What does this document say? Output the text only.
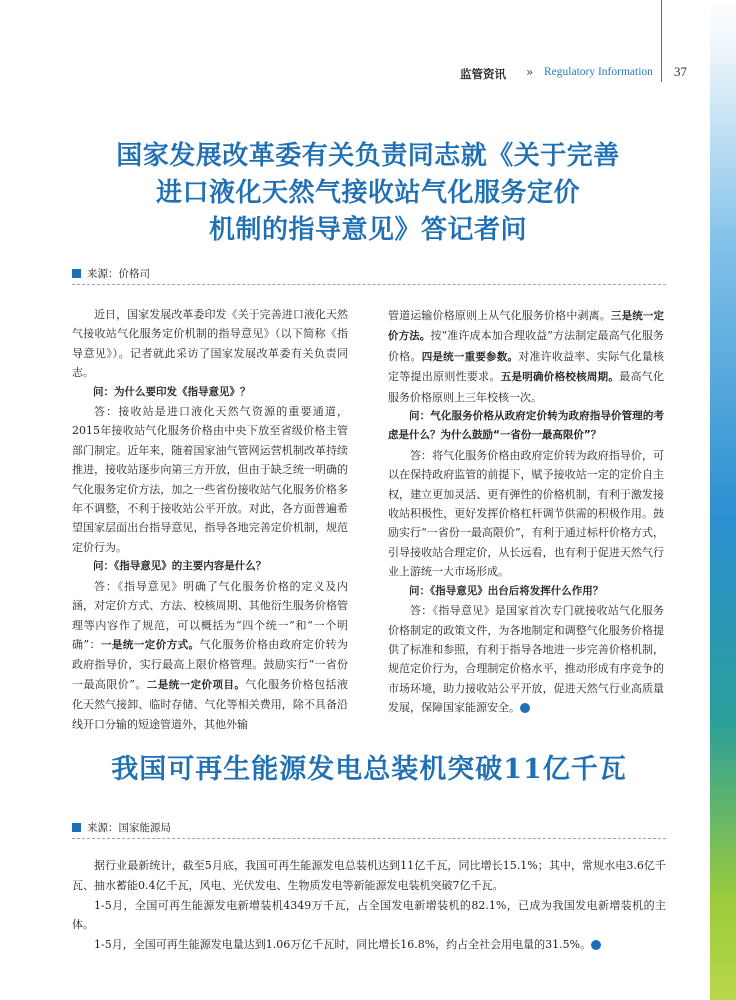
监管资讯 » Regulatory Information 37
国家发展改革委有关负责同志就《关于完善
进口液化天然气接收站气化服务定价
机制的指导意见》答记者问
来源：价格司

近日，国家发展改革委印发《关于完善进口液化天然气接收站气化服务定价机制的指导意见》（以下简称《指导意见》）。记者就此采访了国家发展改革委有关负责同志。

问：为什么要印发《指导意见》？

答：接收站是进口液化天然气资源的重要通道，2015年接收站气化服务价格由中央下放至省级价格主管部门制定。近年来，随着国家油气管网运营机制改革持续推进，接收站逐步向第三方开放，但由于缺乏统一明确的气化服务定价方法，加之一些省份接收站气化服务价格多年不调整，不利于接收站公平开放。对此，各方面普遍希望国家层面出台指导意见，指导各地完善定价机制，规范定价行为。

问：《指导意见》的主要内容是什么？

答：《指导意见》明确了气化服务价格的定义及内涵，对定价方式、方法、校核周期、其他衍生服务价格管理等内容作了规范，可以概括为“四个统一”和“一个明确”：一是统一定价方式。气化服务价格由政府定价转为政府指导价，实行最高上限价格管理。鼓励实行“一省份一最高限价”。二是统一定价项目。气化服务价格包括液化天然气接卸、临时存储、气化等相关费用，除不具备沿线开口分输的短途管道外，其他外输

管道运输价格原则上从气化服务价格中剥离。三是统一定价方法。按“准许成本加合理收益”方法制定最高气化服务价格。四是统一重要参数。对准许收益率、实际气化量核定等提出原则性要求。五是明确价格校核周期。最高气化服务价格原则上三年校核一次。

问：气化服务价格从政府定价转为政府指导价管理的考虑是什么？为什么鼓励“一省份一最高限价”？

答：将气化服务价格由政府定价转为政府指导价，可以在保持政府监管的前提下，赋予接收站一定的定价自主权，建立更加灵活、更有弹性的价格机制，有利于激发接收站积极性，更好发挥价格杠杆调节供需的积极作用。鼓励实行“一省份一最高限价”，有利于通过标杆价格方式，引导接收站合理定价，从长远看，也有利于促进天然气行业上游统一大市场形成。

问：《指导意见》出台后将发挥什么作用？

答：《指导意见》是国家首次专门就接收站气化服务价格制定的政策文件，为各地制定和调整气化服务价格提供了标准和参照，有利于指导各地进一步完善价格机制，规范定价行为，合理制定价格水平，推动形成有序竞争的市场环境，助力接收站公平开放，促进天然气行业高质量发展，保障国家能源安全。	©

我国可再生能源发电总装机突破11亿千瓦
来源：国家能源局

据行业最新统计，截至5月底，我国可再生能源发电总装机达到11亿千瓦，同比增长15.1%；其中，常规水电3.6亿千瓦、抽水蓄能0.4亿千瓦，风电、光伏发电、生物质发电等新能源发电装机突破7亿千瓦。

1-5月，全国可再生能源发电新增装机4349万千瓦，占全国发电新增装机的82.1%，已成为我国发电新增装机的主体。

1-5月，全国可再生能源发电量达到1.06万亿千瓦时，同比增长16.8%，约占全社会用电量的31.5%。	©
